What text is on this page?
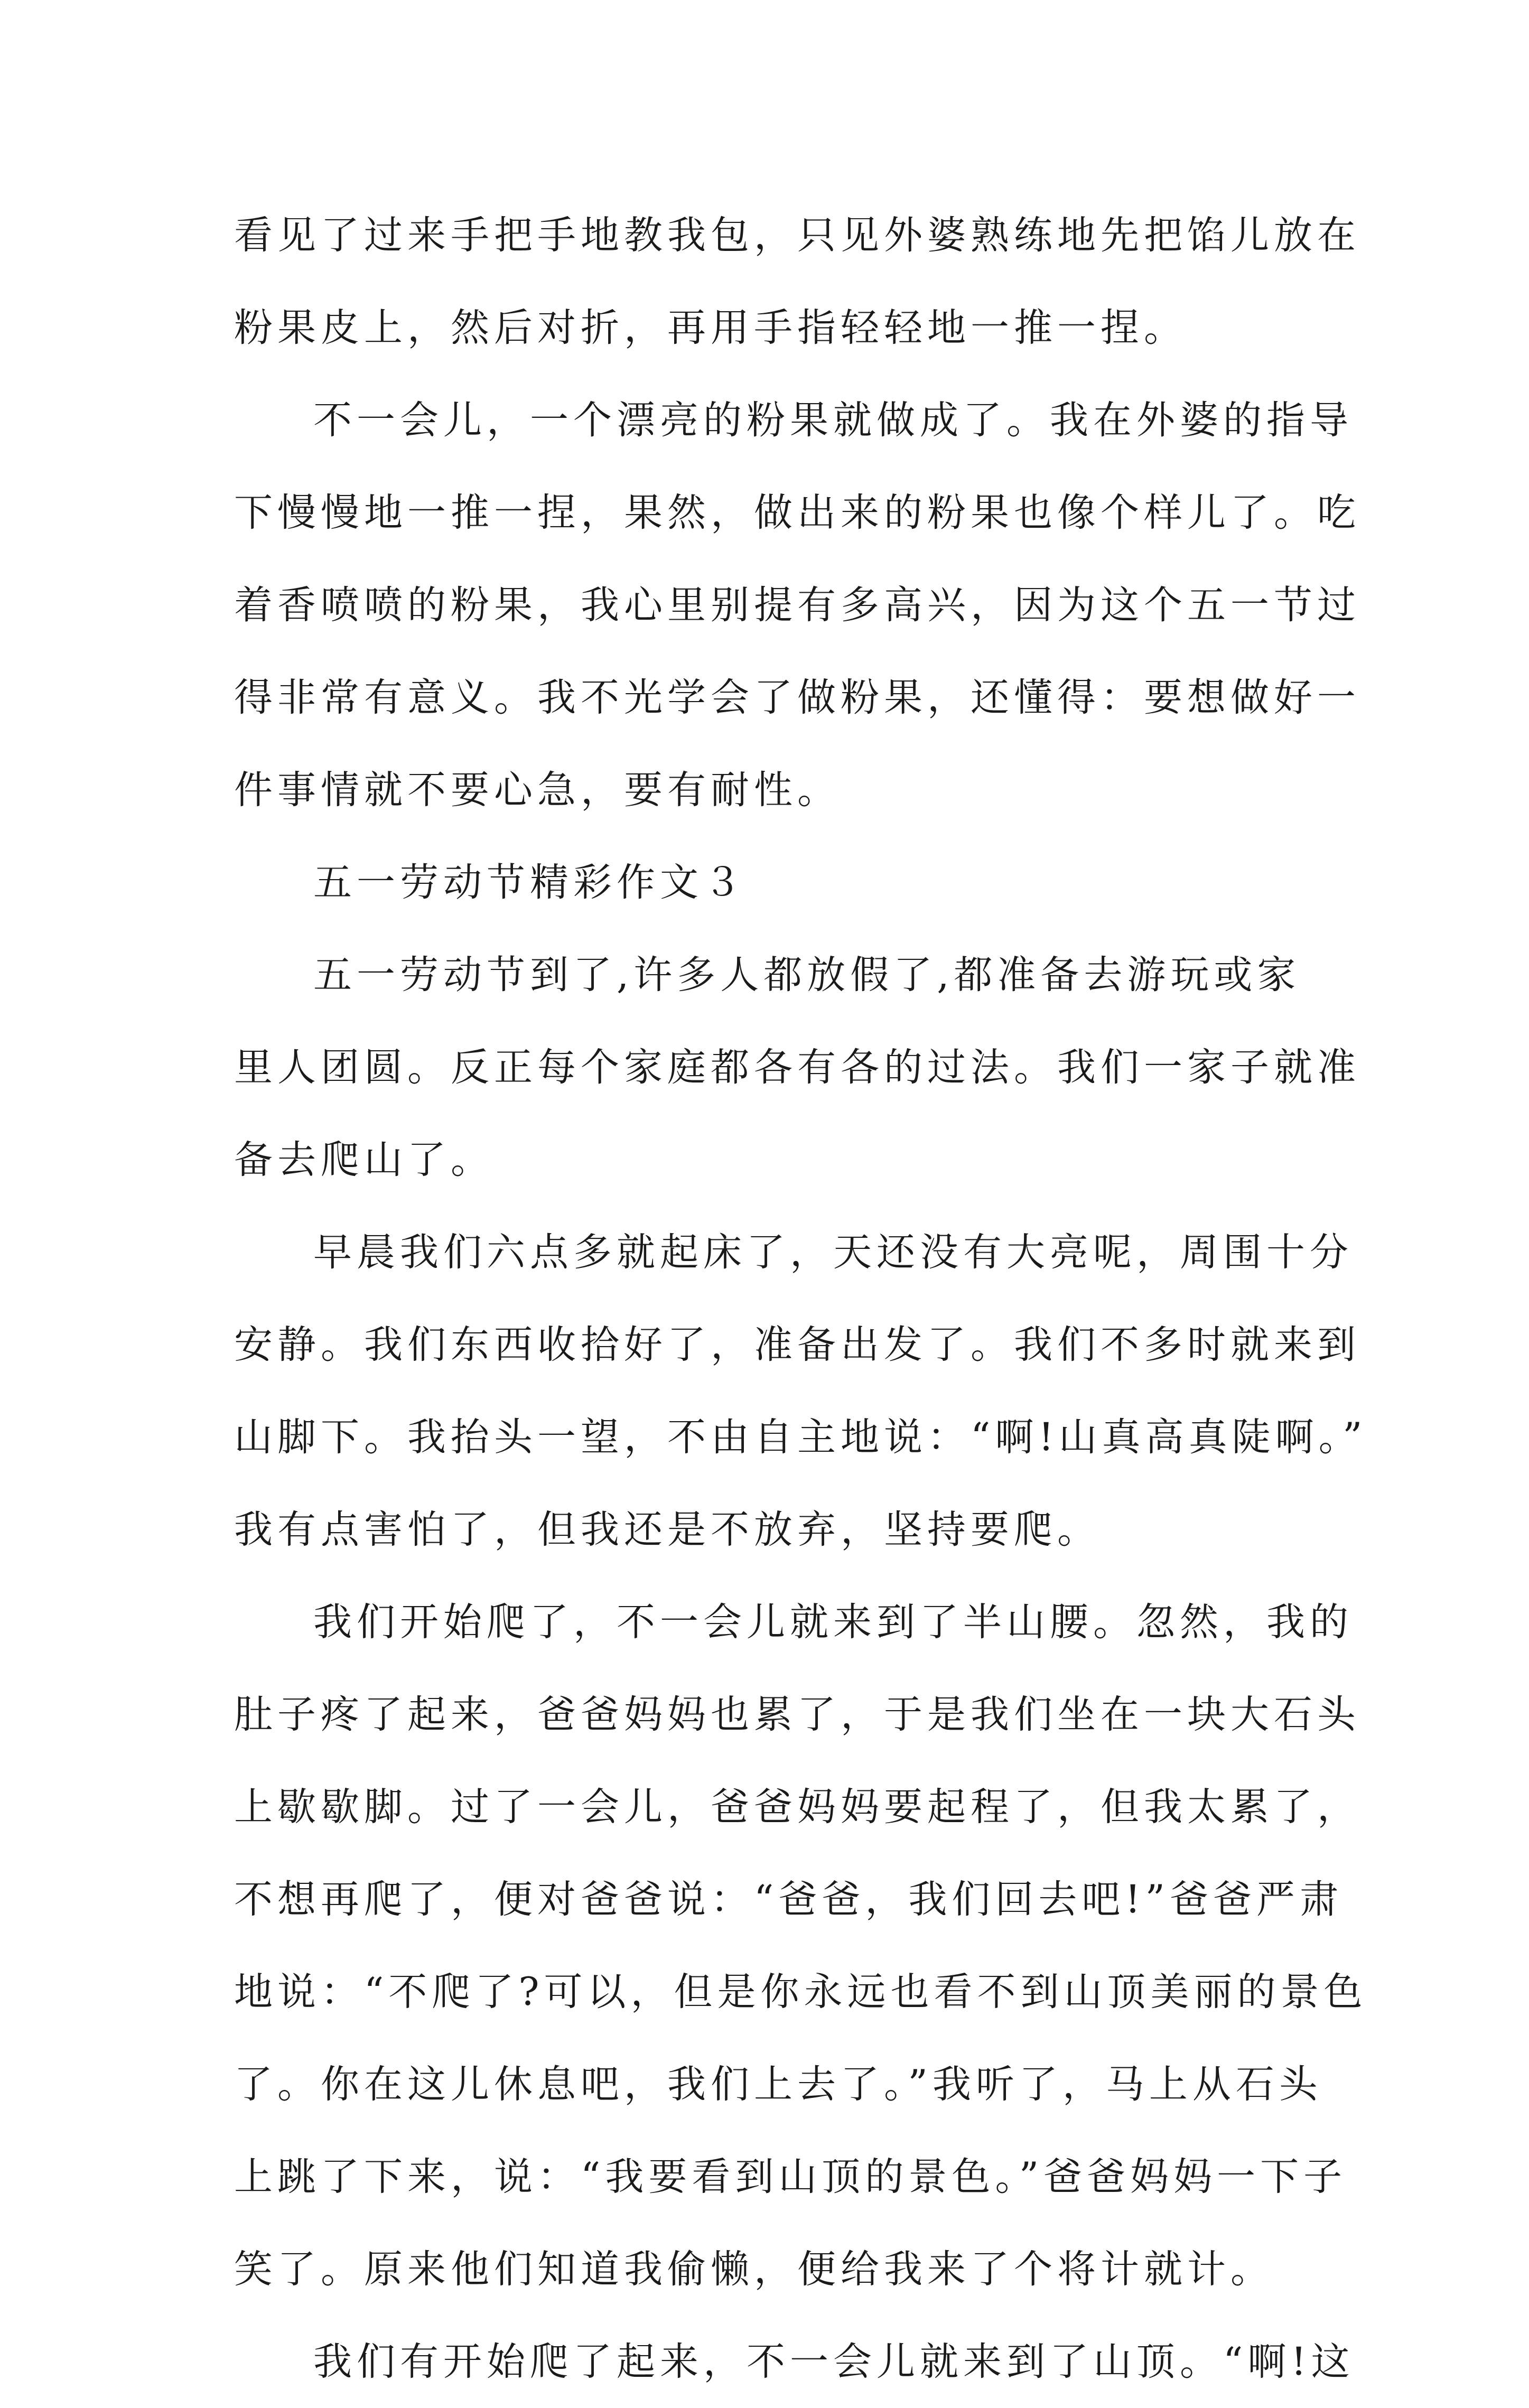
看见了过来手把手地教我包，只见外婆熟练地先把馅儿放在
粉果皮上，然后对折，再用手指轻轻地一推一捏。
不一会儿，一个漂亮的粉果就做成了。我在外婆的指导
下慢慢地一推一捏，果然，做出来的粉果也像个样儿了。吃
着香喷喷的粉果，我心里别提有多高兴，因为这个五一节过
得非常有意义。我不光学会了做粉果，还懂得：要想做好一
件事情就不要心急，要有耐性。
五一劳动节精彩作文３
五一劳动节到了,许多人都放假了,都准备去游玩或家
里人团圆。反正每个家庭都各有各的过法。我们一家子就准
备去爬山了。
早晨我们六点多就起床了，天还没有大亮呢，周围十分
安静。我们东西收拾好了，准备出发了。我们不多时就来到
山脚下。我抬头一望，不由自主地说：“啊!山真高真陡啊。”
我有点害怕了，但我还是不放弃，坚持要爬。
我们开始爬了，不一会儿就来到了半山腰。忽然，我的
肚子疼了起来，爸爸妈妈也累了，于是我们坐在一块大石头
上歇歇脚。过了一会儿，爸爸妈妈要起程了，但我太累了，
不想再爬了，便对爸爸说：“爸爸，我们回去吧!”爸爸严肃
地说：“不爬了?可以，但是你永远也看不到山顶美丽的景色
了。你在这儿休息吧，我们上去了。”我听了，马上从石头
上跳了下来，说：“我要看到山顶的景色。”爸爸妈妈一下子
笑了。原来他们知道我偷懒，便给我来了个将计就计。
我们有开始爬了起来，不一会儿就来到了山顶。“啊!这
